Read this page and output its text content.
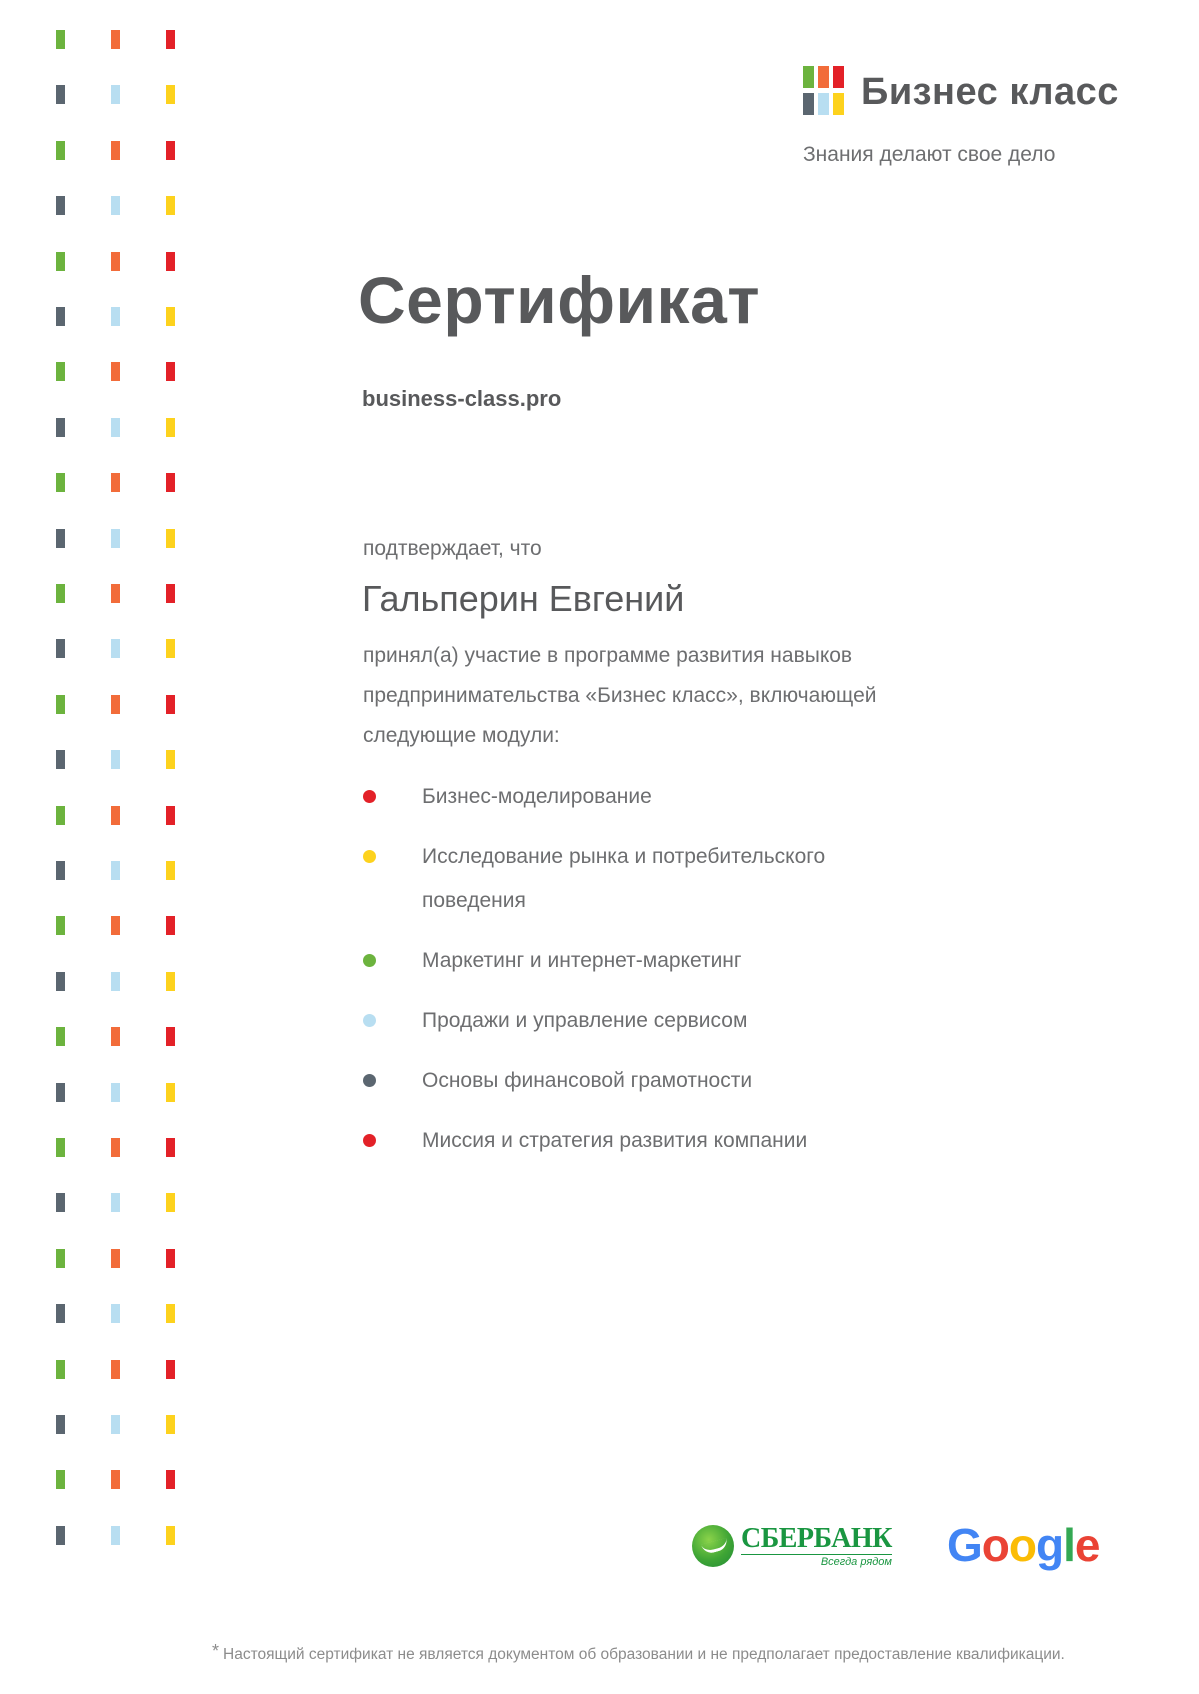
Бизнес класс
Знания делают свое дело
Сертификат
business-class.pro
подтверждает, что
Гальперин Евгений
принял(а) участие в программе развития навыков
предпринимательства «Бизнес класс», включающей
следующие модули:
Бизнес-моделирование
Исследование рынка и потребительского поведения
Маркетинг и интернет-маркетинг
Продажи и управление сервисом
Основы финансовой грамотности
Миссия и стратегия развития компании
СБЕРБАНК
Всегда рядом Google
* Настоящий сертификат не является документом об образовании и не предполагает предоставление квалификации.
